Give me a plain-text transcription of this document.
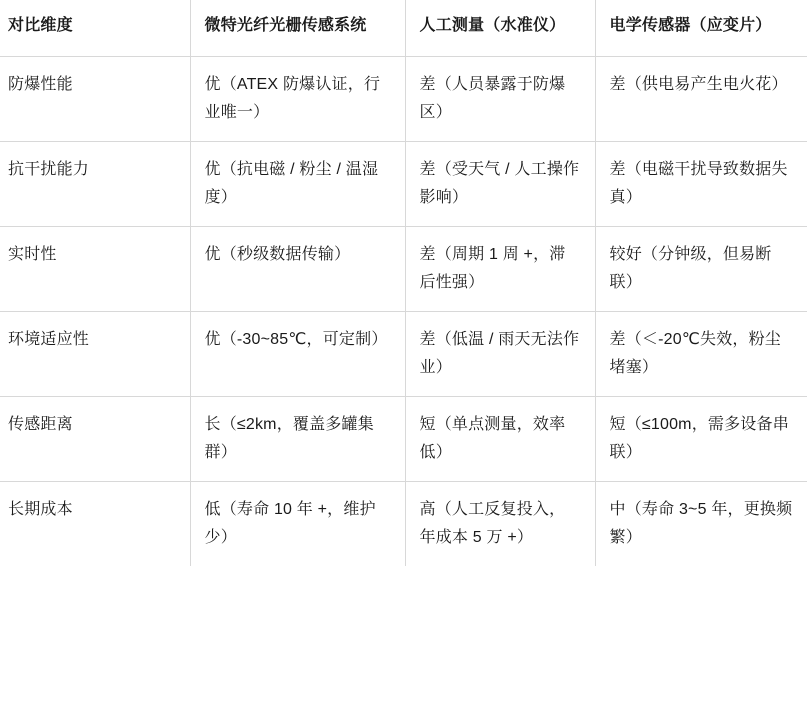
对比维度	微特光纤光栅传感系统	人工测量（水准仪）	电学传感器（应变片）
防爆性能	优（ATEX 防爆认证，行业唯一）	差（人员暴露于防爆区）	差（供电易产生电火花）
抗干扰能力	优（抗电磁 / 粉尘 / 温湿度）	差（受天气 / 人工操作影响）	差（电磁干扰导致数据失真）
实时性	优（秒级数据传输）	差（周期 1 周 +，滞后性强）	较好（分钟级，但易断联）
环境适应性	优（-30~85℃，可定制）	差（低温 / 雨天无法作业）	差（＜-20℃失效，粉尘堵塞）
传感距离	长（≤2km，覆盖多罐集群）	短（单点测量，效率低）	短（≤100m，需多设备串联）
长期成本	低（寿命 10 年 +，维护少）	高（人工反复投入，年成本 5 万 +）	中（寿命 3~5 年，更换频繁）
